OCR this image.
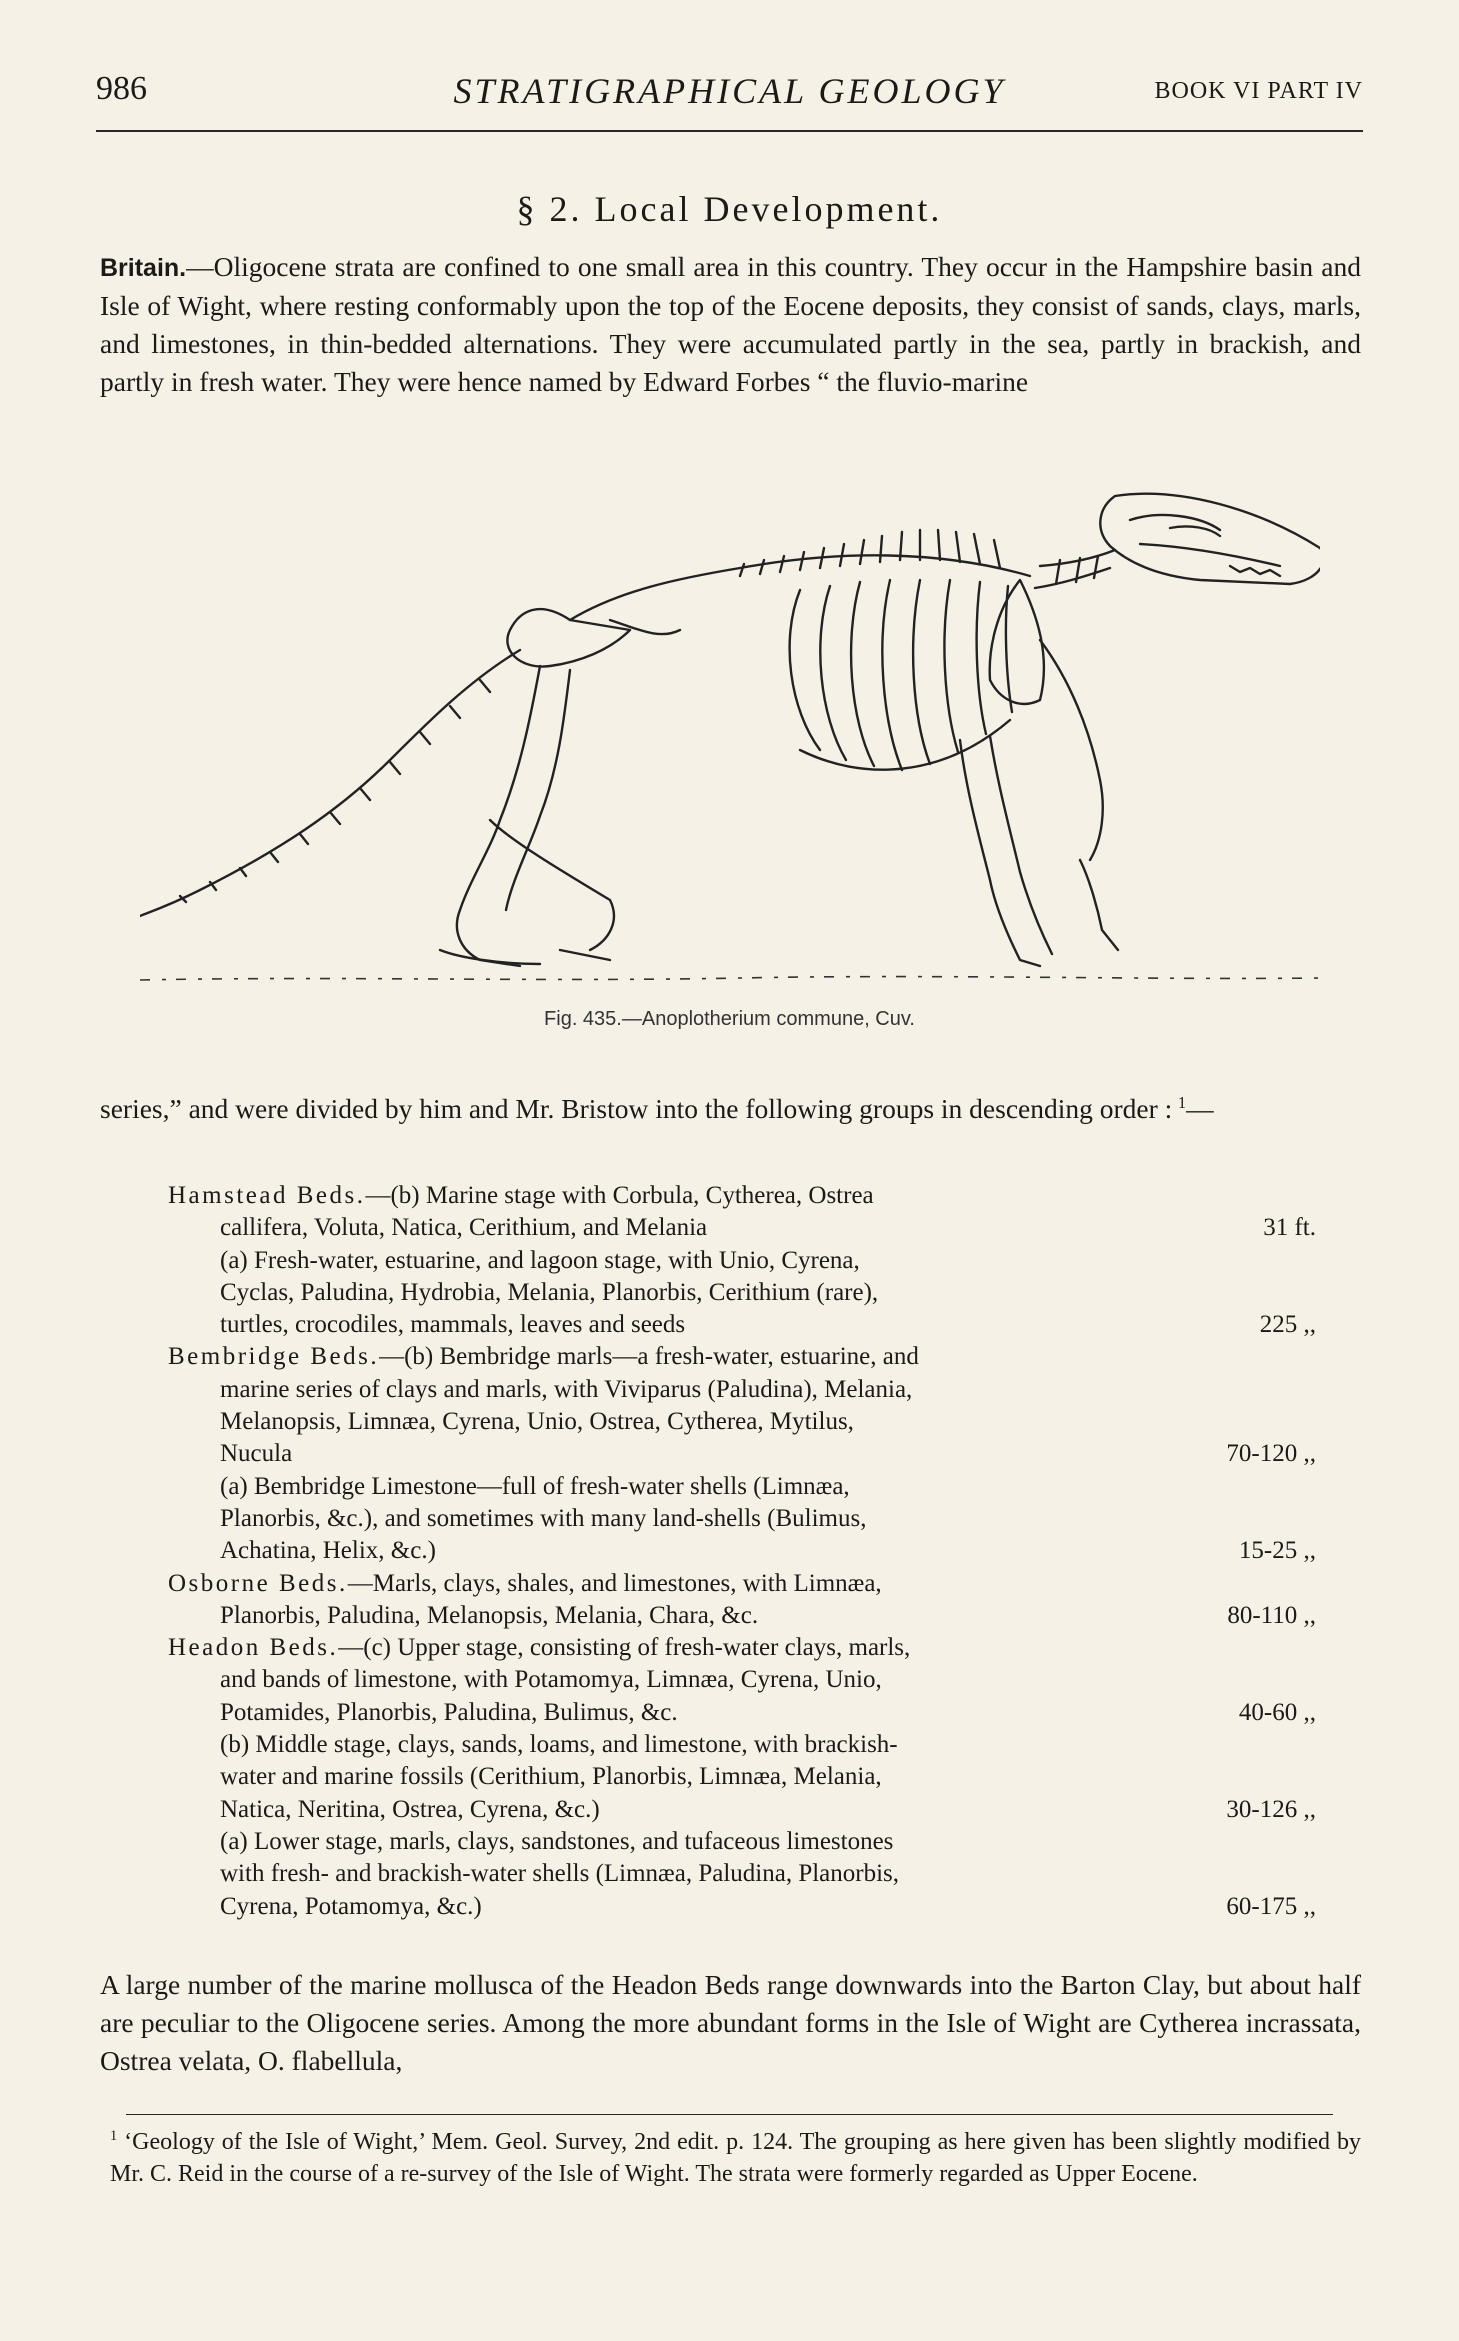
986	STRATIGRAPHICAL GEOLOGY	BOOK VI PART IV
§ 2. Local Development.

Britain.—Oligocene strata are confined to one small area in this country. They occur in the Hampshire basin and Isle of Wight, where resting conformably upon the top of the Eocene deposits, they consist of sands, clays, marls, and limestones, in thin-bedded alternations. They were accumulated partly in the sea, partly in brackish, and partly in fresh water. They were hence named by Edward Forbes “ the fluvio-marine

Fig. 435.—Anoplotherium commune, Cuv.

series,” and were divided by him and Mr. Bristow into the following groups in descending order :  $^1$—

Hamstead Beds.—(b) Marine stage with Corbula, Cytherea, Ostrea
callifera, Voluta, Natica, Cerithium, and Melania	31 ft.
(a) Fresh-water, estuarine, and lagoon stage, with Unio, Cyrena,
Cyclas, Paludina, Hydrobia, Melania, Planorbis, Cerithium (rare),
turtles, crocodiles, mammals, leaves and seeds	225 ,,
Bembridge Beds.—(b) Bembridge marls—a fresh-water, estuarine, and
marine series of clays and marls, with Viviparus (Paludina), Melania,
Melanopsis, Limnæa, Cyrena, Unio, Ostrea, Cytherea, Mytilus,
Nucula	70-120 ,,
(a) Bembridge Limestone—full of fresh-water shells (Limnæa,
Planorbis, &c.), and sometimes with many land-shells (Bulimus,
Achatina, Helix, &c.)	15-25 ,,
Osborne Beds.—Marls, clays, shales, and limestones, with Limnæa,
Planorbis, Paludina, Melanopsis, Melania, Chara, &c.	80-110 ,,
Headon Beds.—(c) Upper stage, consisting of fresh-water clays, marls,
and bands of limestone, with Potamomya, Limnæa, Cyrena, Unio,
Potamides, Planorbis, Paludina, Bulimus, &c.	40-60 ,,
(b) Middle stage, clays, sands, loams, and limestone, with brackish-
water and marine fossils (Cerithium, Planorbis, Limnæa, Melania,
Natica, Neritina, Ostrea, Cyrena, &c.)	30-126 ,,
(a) Lower stage, marls, clays, sandstones, and tufaceous limestones
with fresh- and brackish-water shells (Limnæa, Paludina, Planorbis,
Cyrena, Potamomya, &c.)	60-175 ,,

A large number of the marine mollusca of the Headon Beds range downwards into the Barton Clay, but about half are peculiar to the Oligocene series. Among the more abundant forms in the Isle of Wight are Cytherea incrassata, Ostrea velata, O. flabellula,

$^1$ ‘Geology of the Isle of Wight,’ Mem. Geol. Survey, 2nd edit. p. 124. The grouping as here given has been slightly modified by Mr. C. Reid in the course of a re-survey of the Isle of Wight. The strata were formerly regarded as Upper Eocene.
